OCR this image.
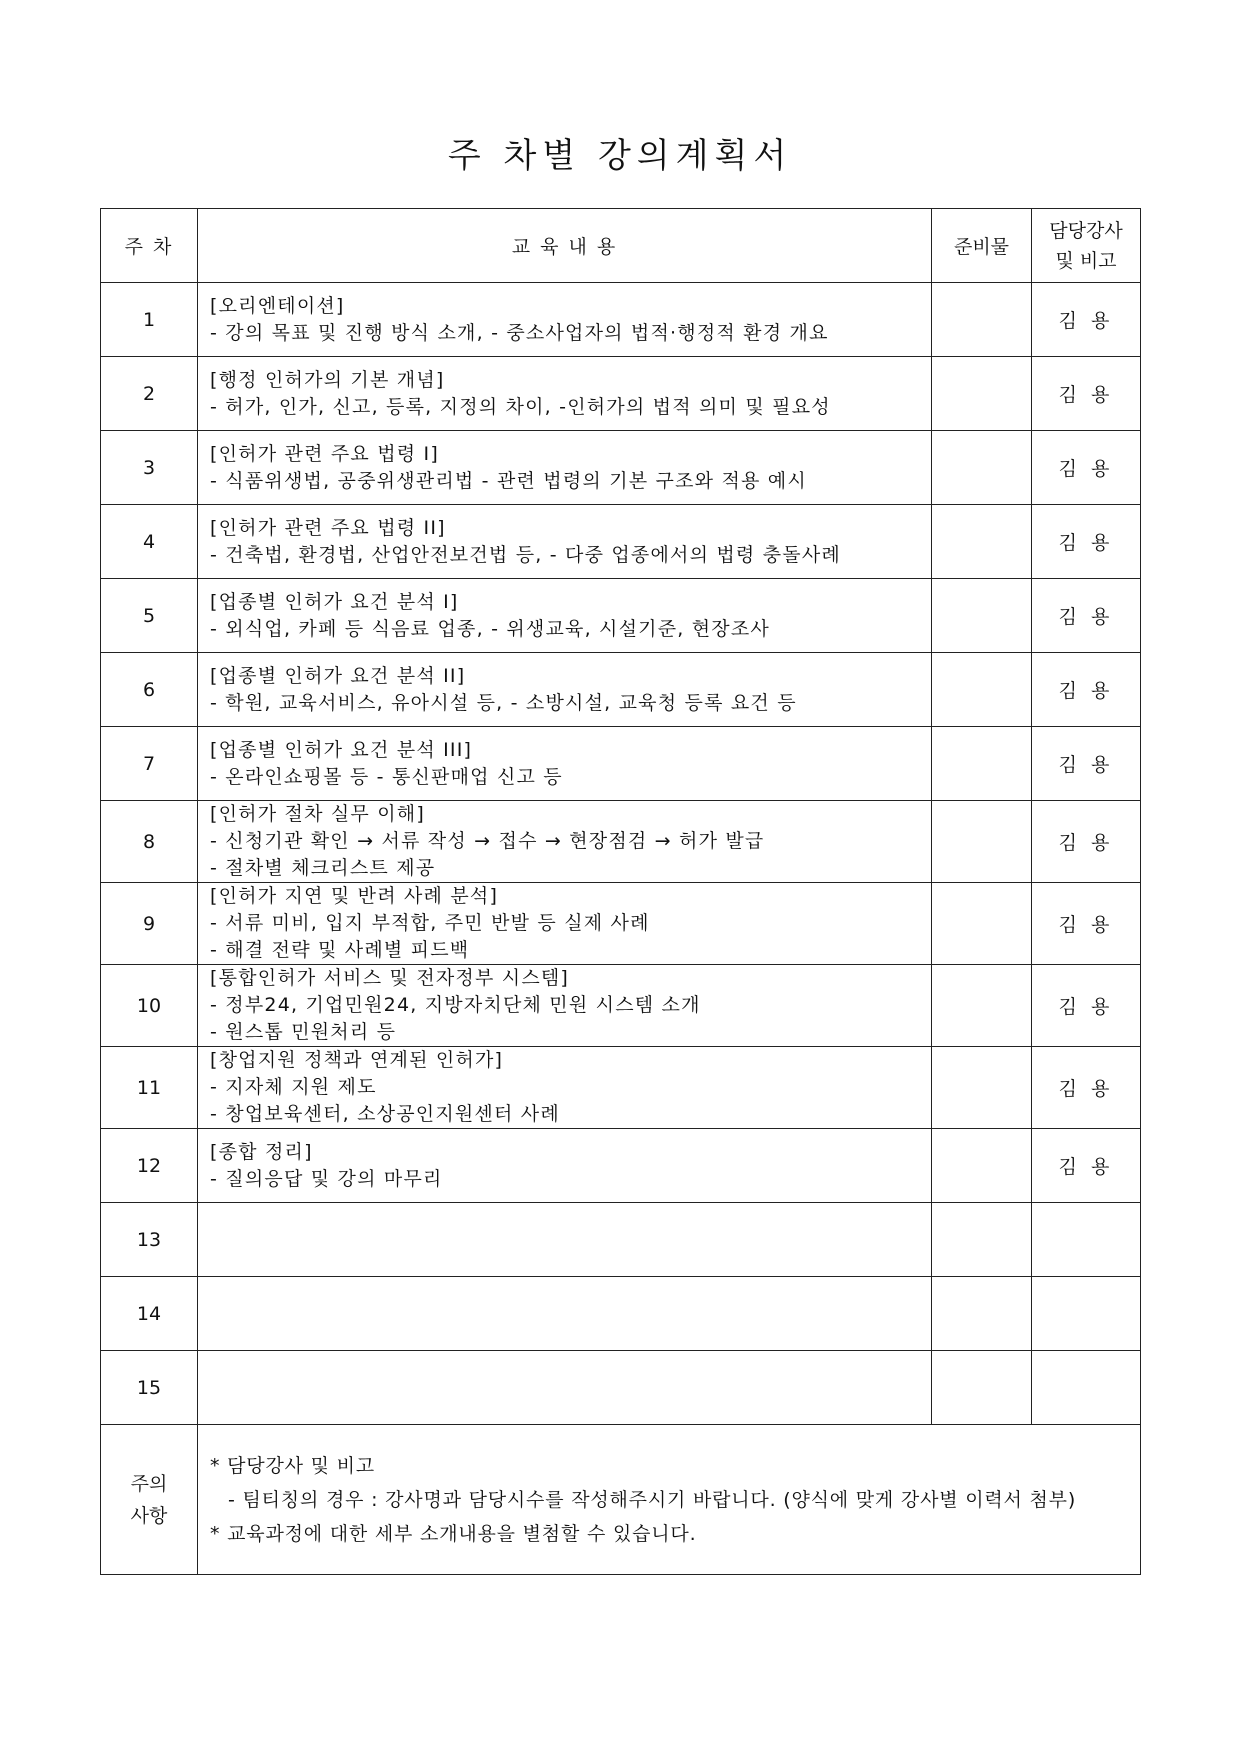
주 차별 강의계획서
주 차	교 육 내 용	준비물	담당강사
및 비고

1	[오리엔테이션]
- 강의 목표 및 진행 방식 소개, - 중소사업자의 법적·행정적 환경 개요		김 용
2	[행정 인허가의 기본 개념]
- 허가, 인가, 신고, 등록, 지정의 차이, -인허가의 법적 의미 및 필요성		김 용
3	[인허가 관련 주요 법령 I]
- 식품위생법, 공중위생관리법 - 관련 법령의 기본 구조와 적용 예시		김 용
4	[인허가 관련 주요 법령 II]
- 건축법, 환경법, 산업안전보건법 등, - 다중 업종에서의 법령 충돌사례		김 용
5	[업종별 인허가 요건 분석 I]
- 외식업, 카페 등 식음료 업종, - 위생교육, 시설기준, 현장조사		김 용
6	[업종별 인허가 요건 분석 II]
- 학원, 교육서비스, 유아시설 등, - 소방시설, 교육청 등록 요건 등		김 용
7	[업종별 인허가 요건 분석 III]
- 온라인쇼핑몰 등 - 통신판매업 신고 등		김 용
8	[인허가 절차 실무 이해]
- 신청기관 확인 → 서류 작성 → 접수 → 현장점검 → 허가 발급
- 절차별 체크리스트 제공		김 용
9	[인허가 지연 및 반려 사례 분석]
- 서류 미비, 입지 부적합, 주민 반발 등 실제 사례
- 해결 전략 및 사례별 피드백		김 용
10	[통합인허가 서비스 및 전자정부 시스템]
- 정부24, 기업민원24, 지방자치단체 민원 시스템 소개
- 원스톱 민원처리 등		김 용
11	[창업지원 정책과 연계된 인허가]
- 지자체 지원 제도
- 창업보육센터, 소상공인지원센터 사례		김 용
12	[종합 정리]
- 질의응답 및 강의 마무리		김 용
13			
14			
15			

주의
사항	* 담당강사 및 비고
- 팀티칭의 경우 : 강사명과 담당시수를 작성해주시기 바랍니다. (양식에 맞게 강사별 이력서 첨부)
* 교육과정에 대한 세부 소개내용을 별첨할 수 있습니다.		
